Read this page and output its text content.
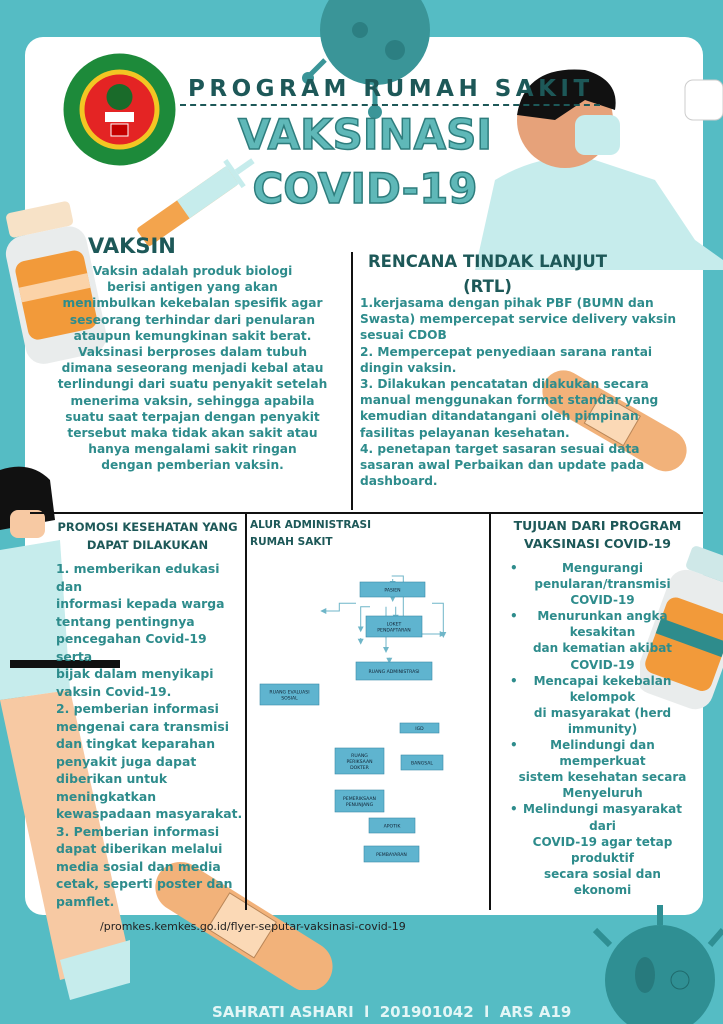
PROGRAM RUMAH SAKIT
VAKSINASI
COVID-19
VAKSIN
Vaksin adalah produk biologi
berisi antigen yang akan
menimbulkan kekebalan spesifik agar
seseorang terhindar dari penularan
ataupun kemungkinan sakit berat.
Vaksinasi berproses dalam tubuh
dimana seseorang menjadi kebal atau
terlindungi dari suatu penyakit setelah
menerima vaksin, sehingga apabila
suatu saat terpajan dengan penyakit
tersebut maka tidak akan sakit atau
hanya mengalami sakit ringan
dengan pemberian vaksin.
RENCANA TINDAK LANJUT
(RTL)
1.kerjasama dengan pihak PBF (BUMN dan
Swasta) mempercepat service delivery vaksin
sesuai CDOB
2. Mempercepat penyediaan sarana rantai
dingin vaksin.
3. Dilakukan pencatatan dilakukan secara
manual menggunakan format standar yang
kemudian ditandatangani oleh pimpinan
fasilitas pelayanan kesehatan.
4. penetapan target sasaran sesuai data
sasaran awal Perbaikan dan update pada
dashboard.
PROMOSI KESEHATAN YANG
DAPAT DILAKUKAN
1. memberikan edukasi dan
informasi kepada warga
tentang pentingnya
pencegahan Covid-19 serta
bijak dalam menyikapi
vaksin Covid-19.
2. pemberian informasi
mengenai cara transmisi
dan tingkat keparahan
penyakit juga dapat
diberikan untuk
meningkatkan
kewaspadaan masyarakat.
3. Pemberian informasi
dapat diberikan melalui
media sosial dan media
cetak, seperti poster dan
pamflet.
ALUR ADMINISTRASI
RUMAH SAKIT
PASIEN
LOKET
PENDAFTARAN
RUANG ADMINISTRASI
RUANG EVALUASI
SOSIAL
IGD
BANGSAL
RUANG
PERIKSAAN
DOKTER
PEMERIKSAAN
PENUNJANG
APOTIK
PEMBAYARAN
TUJUAN DARI PROGRAM
VAKSINASI COVID-19
•	Mengurangi
penularan/transmisi
COVID-19
•	Menurunkan angka
kesakitan
dan kematian akibat
COVID-19
•	Mencapai kekebalan
kelompok
di masyarakat (herd
immunity)
•	Melindungi dan
memperkuat
sistem kesehatan secara
Menyeluruh
• Melindungi masyarakat
dari
COVID-19 agar tetap
produktif
secara sosial dan
ekonomi
/promkes.kemkes.go.id/flyer-seputar-vaksinasi-covid-19
SAHRATI ASHARI  l  201901042  l  ARS A19
